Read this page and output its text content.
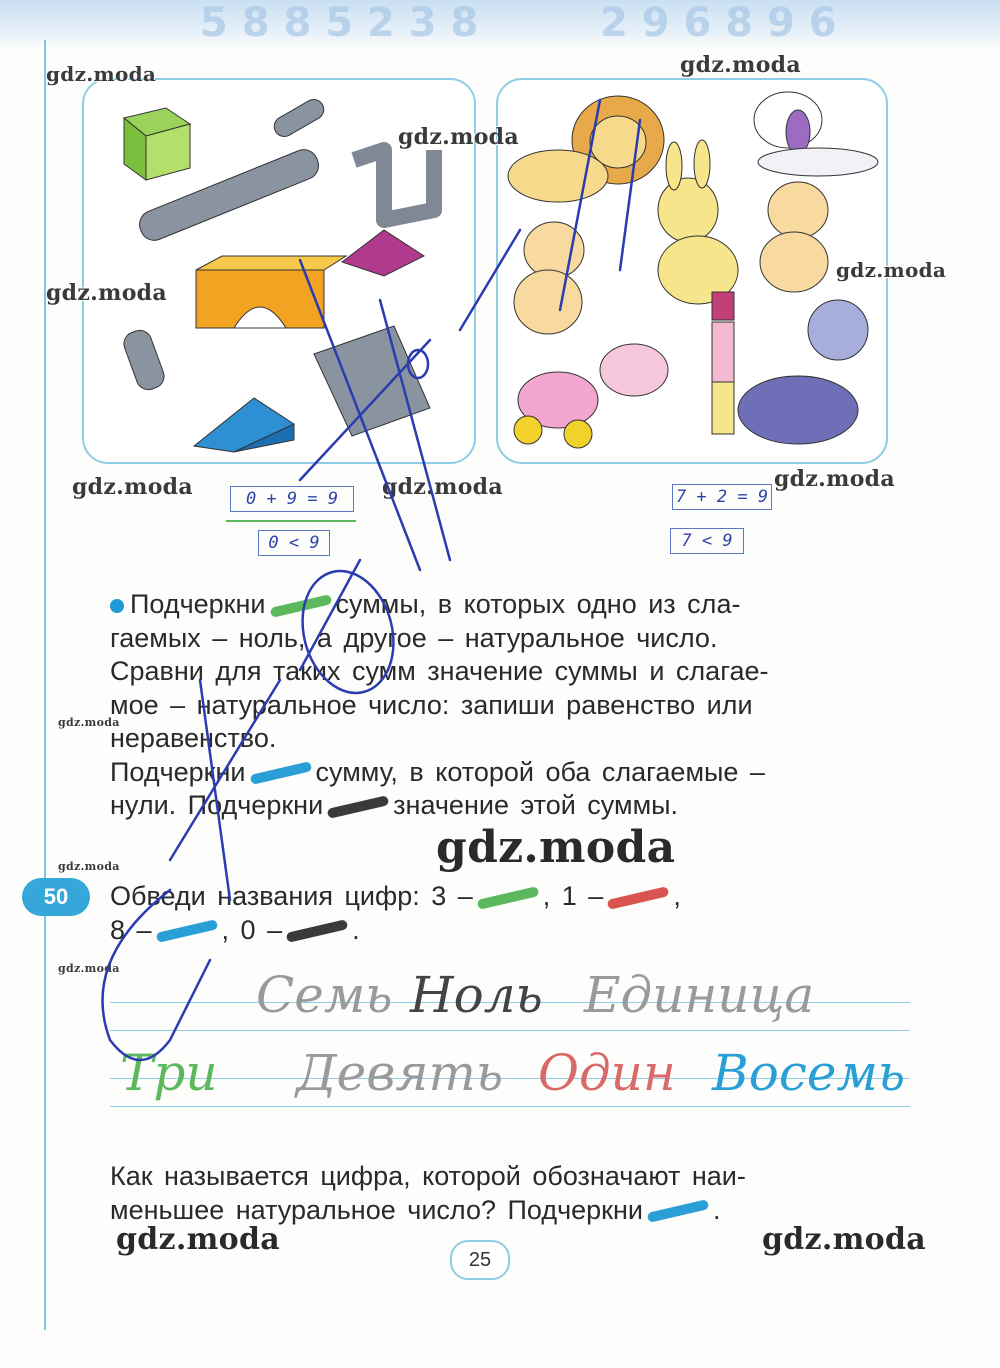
5 8 8 5 2 3 8	2 9 6 8 9 6
gdz.moda	gdz.moda
gdz.moda
gdz.moda
gdz.moda
gdz.moda	gdz.moda	gdz.moda
gdz.moda
gdz.moda
gdz.moda
gdz.moda
gdz.moda	gdz.moda
0 + 9 = 9
0 < 9
7 + 2 = 9
7 < 9
Подчеркни	суммы, в которых одно из сла-
гаемых – ноль, а другое – натуральное число.
Сравни для таких сумм значение суммы и слагае-
мое – натуральное число: запиши равенство или
неравенство.
Подчеркни	сумму, в которой оба слагаемые –
нули. Подчеркни	значение этой суммы.
50	Обведи названия цифр: 3 –	, 1 –	,
8 –	, 0 –	.
Семь Ноль Единица
Три Девять Один Восемь
Как называется цифра, которой обозначают наи-
меньшее натуральное число? Подчеркни	.
25
